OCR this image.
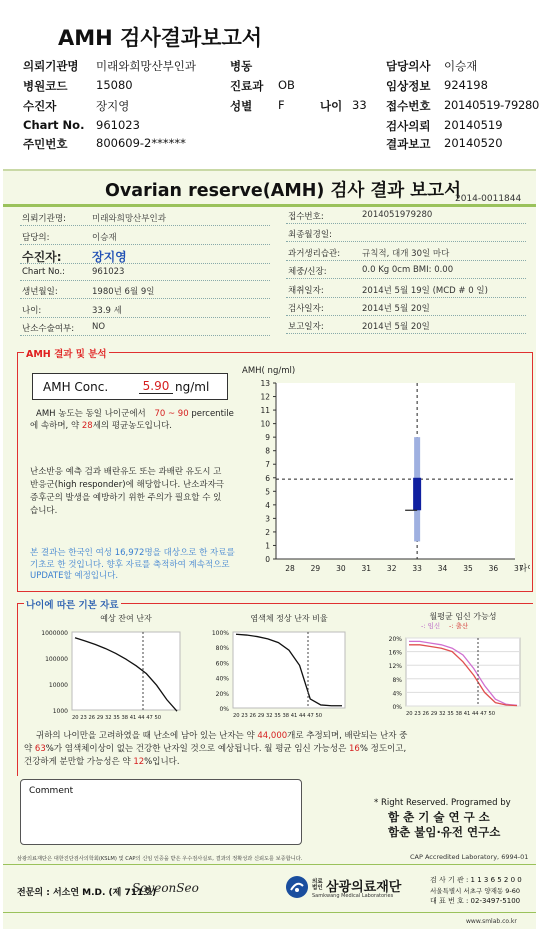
AMH 검사결과보고서
의뢰기관명 미래와희망산부인과	병동	담당의사 이승재
병원코드 15080	진료과 OB	임상정보 924198
수진자	장지영	성별 F	나이 33 접수번호 20140519-79280
Chart No. 961023	검사의뢰 20140519
주민번호 800609-2******	결과보고 20140520
Ovarian reserve(AMH) 검사 결과 보고서
2014-0011844
의뢰기관명:	미래와희망산부인과
담당의:	이승재
수진자:	장지영
Chart No.:	961023
생년월일:	1980년 6월 9일
나이:	33.9 세
난소수술여부: NO
접수번호:	2014051979280
최종월경일:
과거생리습관:	규칙적, 대개 30일 마다
체중/신장:	0.0 Kg 0cm BMI: 0.00
채취일자:	2014년 5월 19일 (MCD # 0 일)
검사일자:	2014년 5월 20일
보고일자:	2014년 5월 20일
AMH 결과 및 분석
AMH Conc.	5.90 ng/ml
AMH 농도는 동일 나이군에서 70 ~ 90 percentile에 속하며, 약 28세의 평균농도입니다.
난소반응 예측 검과 배란유도 또는 과배란 유도시 고반응군(high responder)에 해당합니다. 난소과자극 증후군의 발생을 예방하기 위한 주의가 필요할 수 있습니다.
본 결과는 한국인 여성 16,972명을 대상으로 한 자료를 기초로 한 것입니다. 향후 자료를 축적하여 계속적으로 UPDATE할 예정입니다.
AMH( ng/ml)
0
1
2
3
4
5
6
7
8
9
10
11
12
13
28 29 30 31 32 33 34 35 36 37
나
나이에 따른 기본 자료
예상 잔여 난자
1000000
100000
10000
1000
20 23 26 29 32 35 38 41 44 47 50
염색체 정상 난자 비율
100%
80%
60%
40%
20%
0%
20 23 26 29 32 35 38 41 44 47 50
월평균 임신 가능성
20%
16%
12%
8%
4%
0%
20 23 26 29 32 35 38 41 44 47 50
-: 임신 -: 출산
귀하의 나이만을 고려하였을 때 난소에 남아 있는 난자는 약 44,000개로 추정되며, 배란되는 난자 중
약 63%가 염색체이상이 없는 건강한 난자일 것으로 예상됩니다. 월 평균 임신 가능성은 16% 정도이고,
건강하게 분만할 가능성은 약 12%입니다.
Comment
* Right Reserved. Programed by
함 춘 기 술 연 구 소
함춘 불임·유전 연구소
삼광의료재단은 대한진단검사의학회(KSLM) 및 CAP의 신임 인증을 받은 우수검사실로, 결과의 정확성과 신뢰도를 보증합니다.	CAP Accredited Laboratory, 6994-01
전문의 : 서소연 M.D. (제 711호)
SoyeonSeo	의료법인 삼광의료재단
Samkwang Medical Laboratories
검 사 기 관 : 1 1 3 6 5 2 0 0
서울특별시 서초구 양재동 9-60
대 표 번 호 : 02-3497-5100
www.smlab.co.kr
